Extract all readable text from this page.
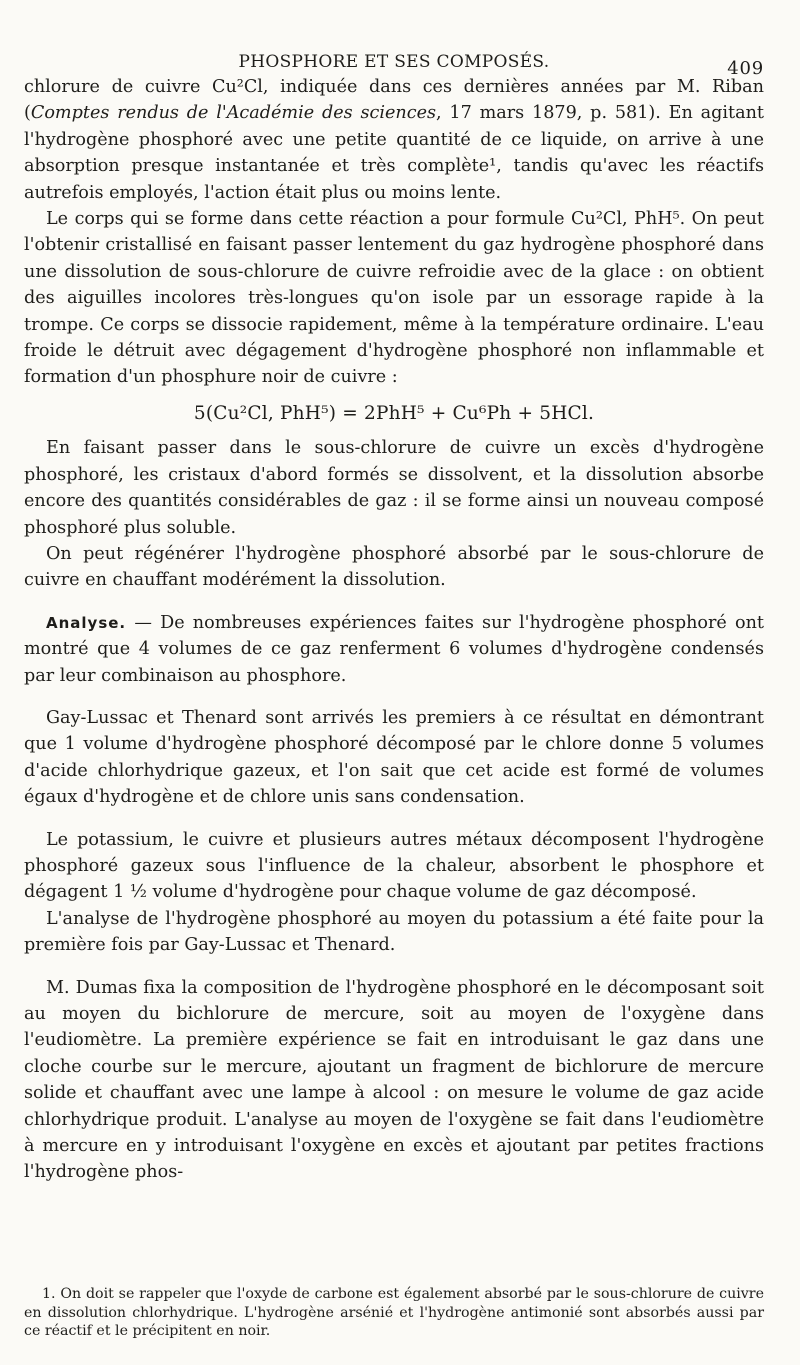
PHOSPHORE ET SES COMPOSÉS.	409

chlorure de cuivre Cu²Cl, indiquée dans ces dernières années par M. Riban (Comptes rendus de l'Académie des sciences, 17 mars 1879, p. 581). En agitant l'hydrogène phosphoré avec une petite quantité de ce liquide, on arrive à une absorption presque instantanée et très complète¹, tandis qu'avec les réactifs autrefois employés, l'action était plus ou moins lente.

Le corps qui se forme dans cette réaction a pour formule Cu²Cl, PhH⁵. On peut l'obtenir cristallisé en faisant passer lentement du gaz hydrogène phosphoré dans une dissolution de sous-chlorure de cuivre refroidie avec de la glace : on obtient des aiguilles incolores très-longues qu'on isole par un essorage rapide à la trompe. Ce corps se dissocie rapidement, même à la température ordinaire. L'eau froide le détruit avec dégagement d'hydrogène phosphoré non inflammable et formation d'un phosphure noir de cuivre :

5(Cu²Cl, PhH⁵) = 2PhH⁵ + Cu⁶Ph + 5HCl.

En faisant passer dans le sous-chlorure de cuivre un excès d'hydrogène phosphoré, les cristaux d'abord formés se dissolvent, et la dissolution absorbe encore des quantités considérables de gaz : il se forme ainsi un nouveau composé phosphoré plus soluble.

On peut régénérer l'hydrogène phosphoré absorbé par le sous-chlorure de cuivre en chauffant modérément la dissolution.

Analyse. — De nombreuses expériences faites sur l'hydrogène phosphoré ont montré que 4 volumes de ce gaz renferment 6 volumes d'hydrogène condensés par leur combinaison au phosphore.

Gay-Lussac et Thenard sont arrivés les premiers à ce résultat en démontrant que 1 volume d'hydrogène phosphoré décomposé par le chlore donne 5 volumes d'acide chlorhydrique gazeux, et l'on sait que cet acide est formé de volumes égaux d'hydrogène et de chlore unis sans condensation.

Le potassium, le cuivre et plusieurs autres métaux décomposent l'hydrogène phosphoré gazeux sous l'influence de la chaleur, absorbent le phosphore et dégagent 1 ½ volume d'hydrogène pour chaque volume de gaz décomposé.

L'analyse de l'hydrogène phosphoré au moyen du potassium a été faite pour la première fois par Gay-Lussac et Thenard.

M. Dumas fixa la composition de l'hydrogène phosphoré en le décomposant soit au moyen du bichlorure de mercure, soit au moyen de l'oxygène dans l'eudiomètre. La première expérience se fait en introduisant le gaz dans une cloche courbe sur le mercure, ajoutant un fragment de bichlorure de mercure solide et chauffant avec une lampe à alcool : on mesure le volume de gaz acide chlorhydrique produit. L'analyse au moyen de l'oxygène se fait dans l'eudiomètre à mercure en y introduisant l'oxygène en excès et ajoutant par petites fractions l'hydrogène phos-

1. On doit se rappeler que l'oxyde de carbone est également absorbé par le sous-chlorure de cuivre en dissolution chlorhydrique. L'hydrogène arsénié et l'hydrogène antimonié sont absorbés aussi par ce réactif et le précipitent en noir.
